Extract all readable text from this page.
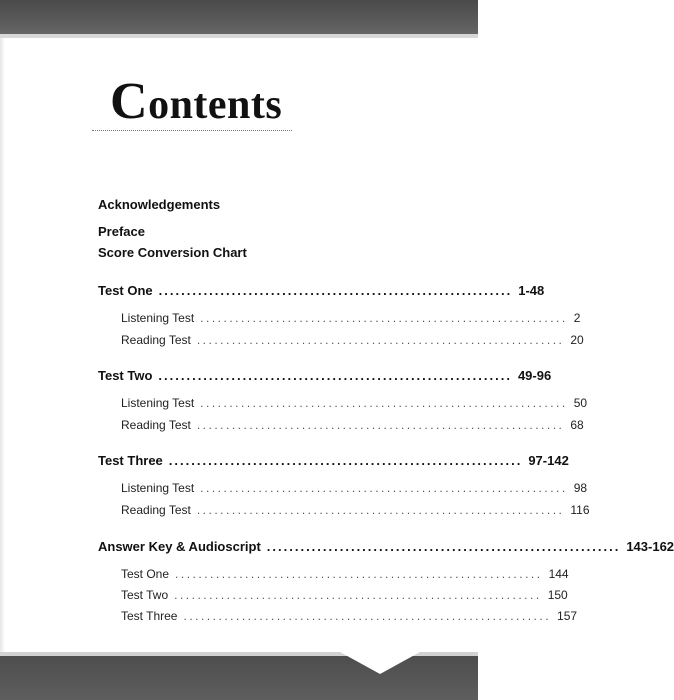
Contents
Acknowledgements
Preface
Score Conversion Chart
Test One ............................................................... 1-48
Listening Test ............................................................... 2
Reading Test ............................................................... 20
Test Two ............................................................... 49-96
Listening Test ............................................................... 50
Reading Test ............................................................... 68
Test Three ............................................................... 97-142
Listening Test ............................................................... 98
Reading Test ............................................................... 116
Answer Key & Audioscript ............................................................... 143-162
Test One ............................................................... 144
Test Two ............................................................... 150
Test Three ............................................................... 157
